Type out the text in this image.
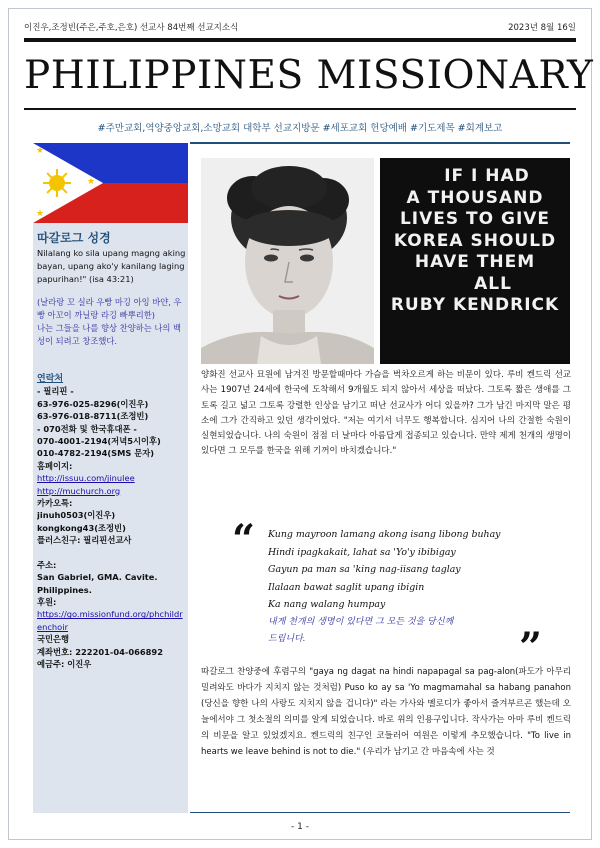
이진우,조정빈(주은,주호,은호) 선교사 84번째 선교지소식	2023년 8월 16일
PHILIPPINES MISSIONARY
#주만교회,역양중앙교회,소망교회 대학부 선교지방문 #세포교회 헌당예배 #기도제목 #회계보고
★
★
★
따갈로그 성경
Nilalang ko sila upang magng aking bayan, upang ako'y kanilang laging papurihan!" (isa 43:21)
(날라랑 꼬 실라 우빵 마깅 아잉 바얀, 우빵 아꼬이 까닐랑 라깅 빠뿌리한)
나는 그들을 나를 향상 찬양하는 나의 백성이 되려고 창조했다.
연락처
- 필리핀 -
63-976-025-8296(이진우)
63-976-018-8711(조정빈)
- 070전화 및 한국휴대폰 -
070-4001-2194(저녁5시이후)
010-4782-2194(SMS 문자)
홈페이지:
http://issuu.com/jinulee
http://muchurch.org
카카오톡:
jinuh0503(이진우)
kongkong43(조정빈)
플러스친구: 필리핀선교사
주소:
San Gabriel, GMA. Cavite. Philippines.
후원:
https://go.missionfund.org/phchildrenchoir
국민은행
계좌번호: 222201-04-066892
예금주: 이진우
IF I HAD
A THOUSAND
LIVES TO GIVE
KOREA SHOULD
HAVE THEM
ALL
RUBY KENDRICK
양화진 선교사 묘원에 남겨진 방문할때마다 가슴을 벅차오르게 하는 비문이 있다. 루비 켄드릭 선교사는 1907년 24세에 한국에 도착해서 9개월도 되지 않아서 세상을 떠났다. 그토록 짧은 생애를 그토록 길고 넓고 그토록 강렬한 인상을 남기고 떠난 선교사가 어디 있을까? 그가 남긴 마지막 말은 평소에 그가 간직하고 있던 생각이었다. "저는 여기서 너무도 행복합니다. 심지어 나의 간절한 숙원이 실현되었습니다. 나의 숙원이 점점 더 날마다 아름답게 접종되고 있습니다. 만약 제게 천개의 생명이 있다면 그 모두를 한국을 위해 기꺼이 바치겠습니다."
“ Kung mayroon lamang akong isang libong buhay
Hindi ipagkakait, lahat sa 'Yo'y ibibigay
Gayun pa man sa 'king nag-iisang taglay
Ilalaan bawat saglit upang ibigin
Ka nang walang humpay
내게 천개의 생명이 있다면 그 모든 것을 당신께
드립니다.	”
따갈로그 찬양중에 후렴구의 "gaya ng dagat na hindi napapagal sa pag-alon(파도가 아무리 밀려와도 바다가 지치지 않는 것처럼) Puso ko ay sa 'Yo magmamahal sa habang panahon (당신을 향한 나의 사랑도 지치지 않을 겁니다)" 라는 가사와 멜로디가 좋아서 즐겨부르곤 했는데 오늘에서야 그 첫소절의 의미를 알게 되었습니다. 바로 위의 인용구입니다. 작사가는 아마 루비 켄드릭의 비문을 알고 있었겠지요. 켄드릭의 친구인 코들러어 여원은 이렇게 추모했습니다. "To live in hearts we leave behind is not to die." (우리가 남기고 간 마음속에 사는 것
- 1 -
